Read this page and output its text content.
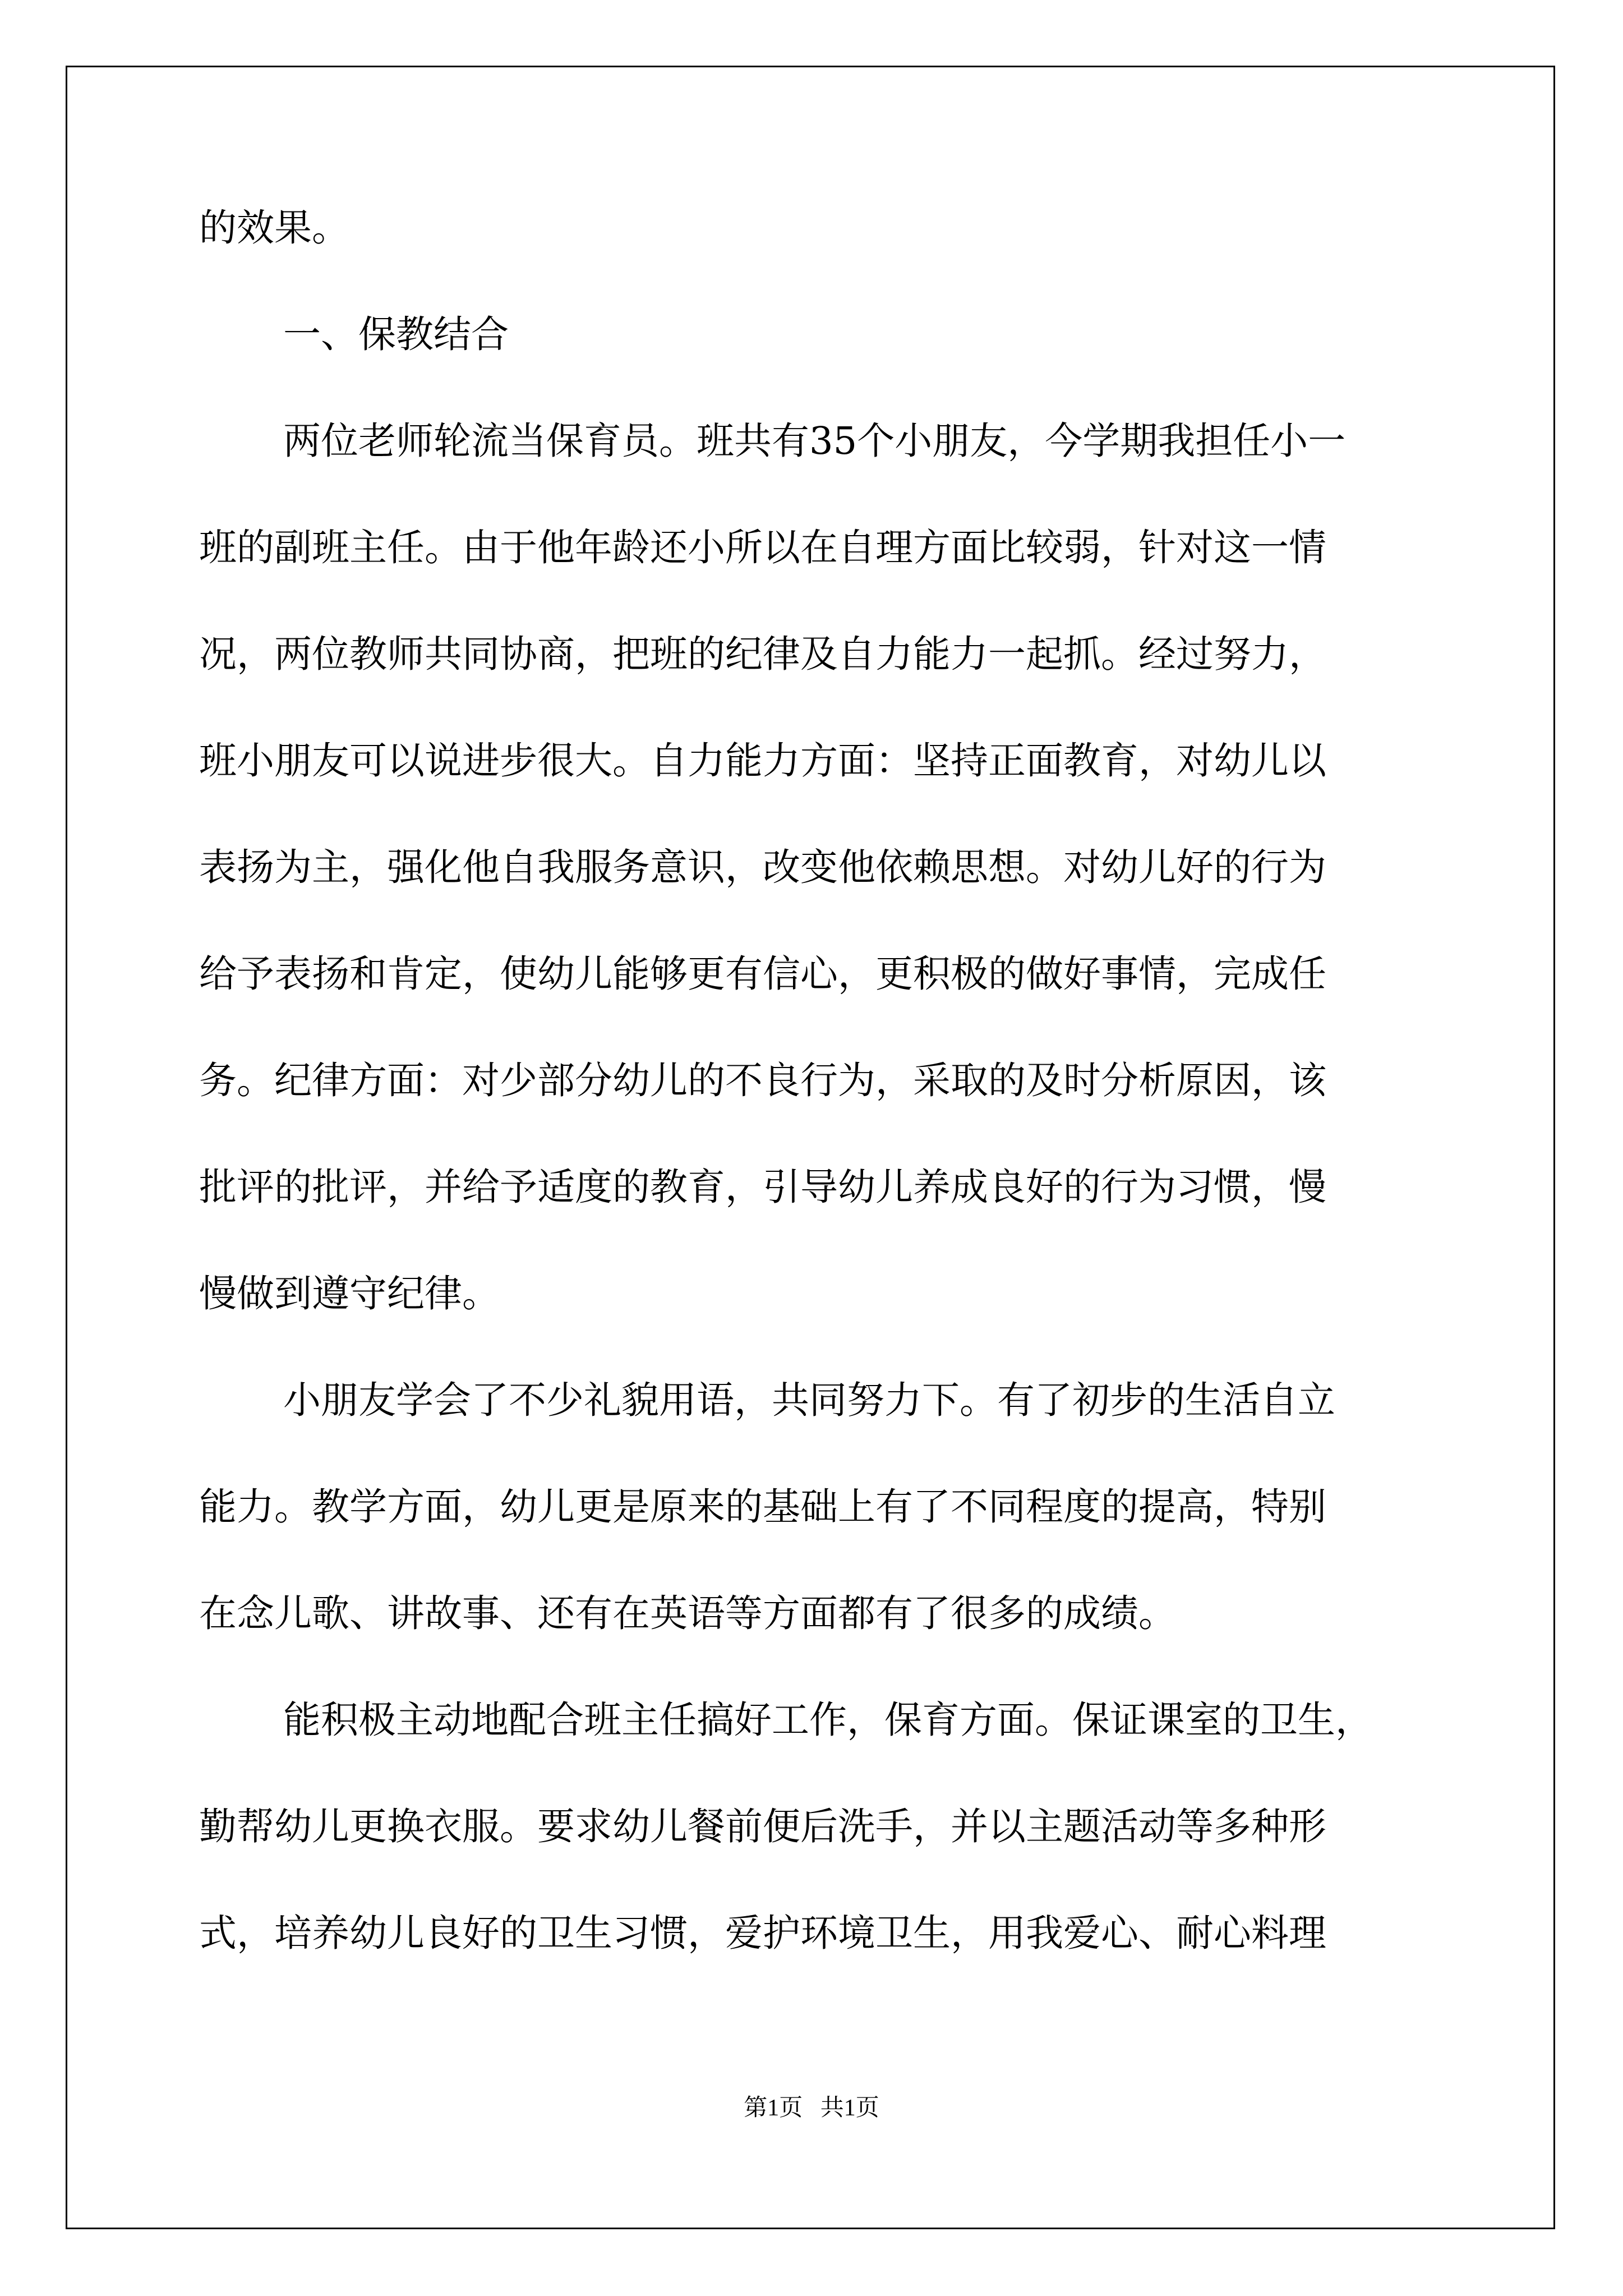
的效果。
一、保教结合
两位老师轮流当保育员。班共有35个小朋友，今学期我担任小一
班的副班主任。由于他年龄还小所以在自理方面比较弱，针对这一情
况，两位教师共同协商，把班的纪律及自力能力一起抓。经过努力，
班小朋友可以说进步很大。自力能力方面：坚持正面教育，对幼儿以
表扬为主，强化他自我服务意识，改变他依赖思想。对幼儿好的行为
给予表扬和肯定，使幼儿能够更有信心，更积极的做好事情，完成任
务。纪律方面：对少部分幼儿的不良行为，采取的及时分析原因，该
批评的批评，并给予适度的教育，引导幼儿养成良好的行为习惯，慢
慢做到遵守纪律。
小朋友学会了不少礼貌用语，共同努力下。有了初步的生活自立
能力。教学方面，幼儿更是原来的基础上有了不同程度的提高，特别
在念儿歌、讲故事、还有在英语等方面都有了很多的成绩。
能积极主动地配合班主任搞好工作，保育方面。保证课室的卫生，
勤帮幼儿更换衣服。要求幼儿餐前便后洗手，并以主题活动等多种形
式，培养幼儿良好的卫生习惯，爱护环境卫生，用我爱心、耐心料理
第1页   共1页
